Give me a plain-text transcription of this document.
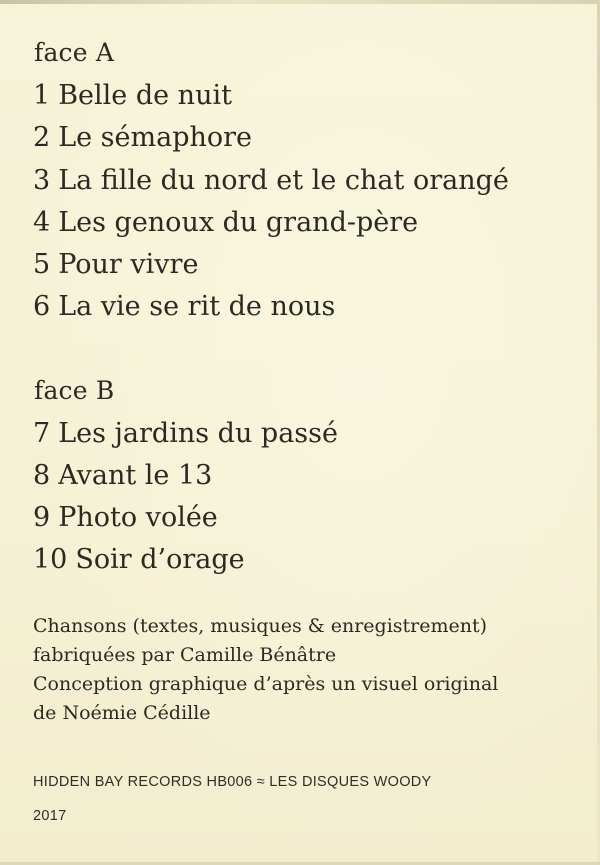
face A
1 Belle de nuit
2 Le sémaphore
3 La fille du nord et le chat orangé
4 Les genoux du grand-père
5 Pour vivre
6 La vie se rit de nous
face B
7 Les jardins du passé
8 Avant le 13
9 Photo volée
10 Soir d’orage
Chansons (textes, musiques & enregistrement)
fabriquées par Camille Bénâtre
Conception graphique d’après un visuel original
de Noémie Cédille
HIDDEN BAY RECORDS HB006 ≈ LES DISQUES WOODY
2017
